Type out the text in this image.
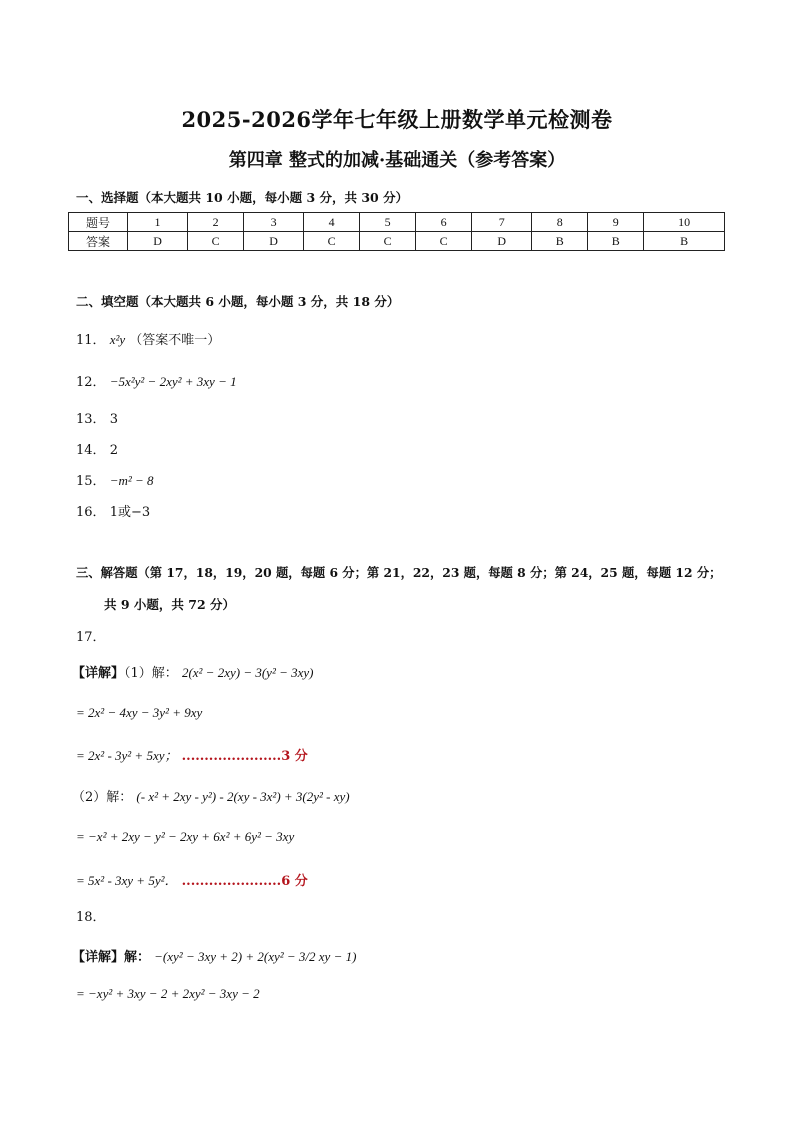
2025-2026学年七年级上册数学单元检测卷
第四章 整式的加减·基础通关（参考答案）
一、选择题（本大题共 10 小题，每小题 3 分，共 30 分）
题号	1	2	3	4	5	6	7	8	9	10
答案	D	C	D	C	C	C	D	B	B	B
二、填空题（本大题共 6 小题，每小题 3 分，共 18 分）
11． x²y （答案不唯一）
12． −5x²y² − 2xy² + 3xy − 1
13． 3
14． 2
15． −m² − 8
16． 1或−3
三、解答题（第 17，18，19，20 题，每题 6 分；第 21，22，23 题，每题 8 分；第 24，25 题，每题 12 分；
共 9 小题，共 72 分）
17．
【详解】（1）解： 2(x² − 2xy) − 3(y² − 3xy)
= 2x² − 4xy − 3y² + 9xy
= 2x² - 3y² + 5xy； ......................3 分
（2）解： (- x² + 2xy - y²) - 2(xy - 3x²) + 3(2y² - xy)
= −x² + 2xy − y² − 2xy + 6x² + 6y² − 3xy
= 5x² - 3xy + 5y²． ......................6 分
18．
【详解】解： −(xy² − 3xy + 2) + 2(xy² − 3/2 xy − 1)
= −xy² + 3xy − 2 + 2xy² − 3xy − 2
